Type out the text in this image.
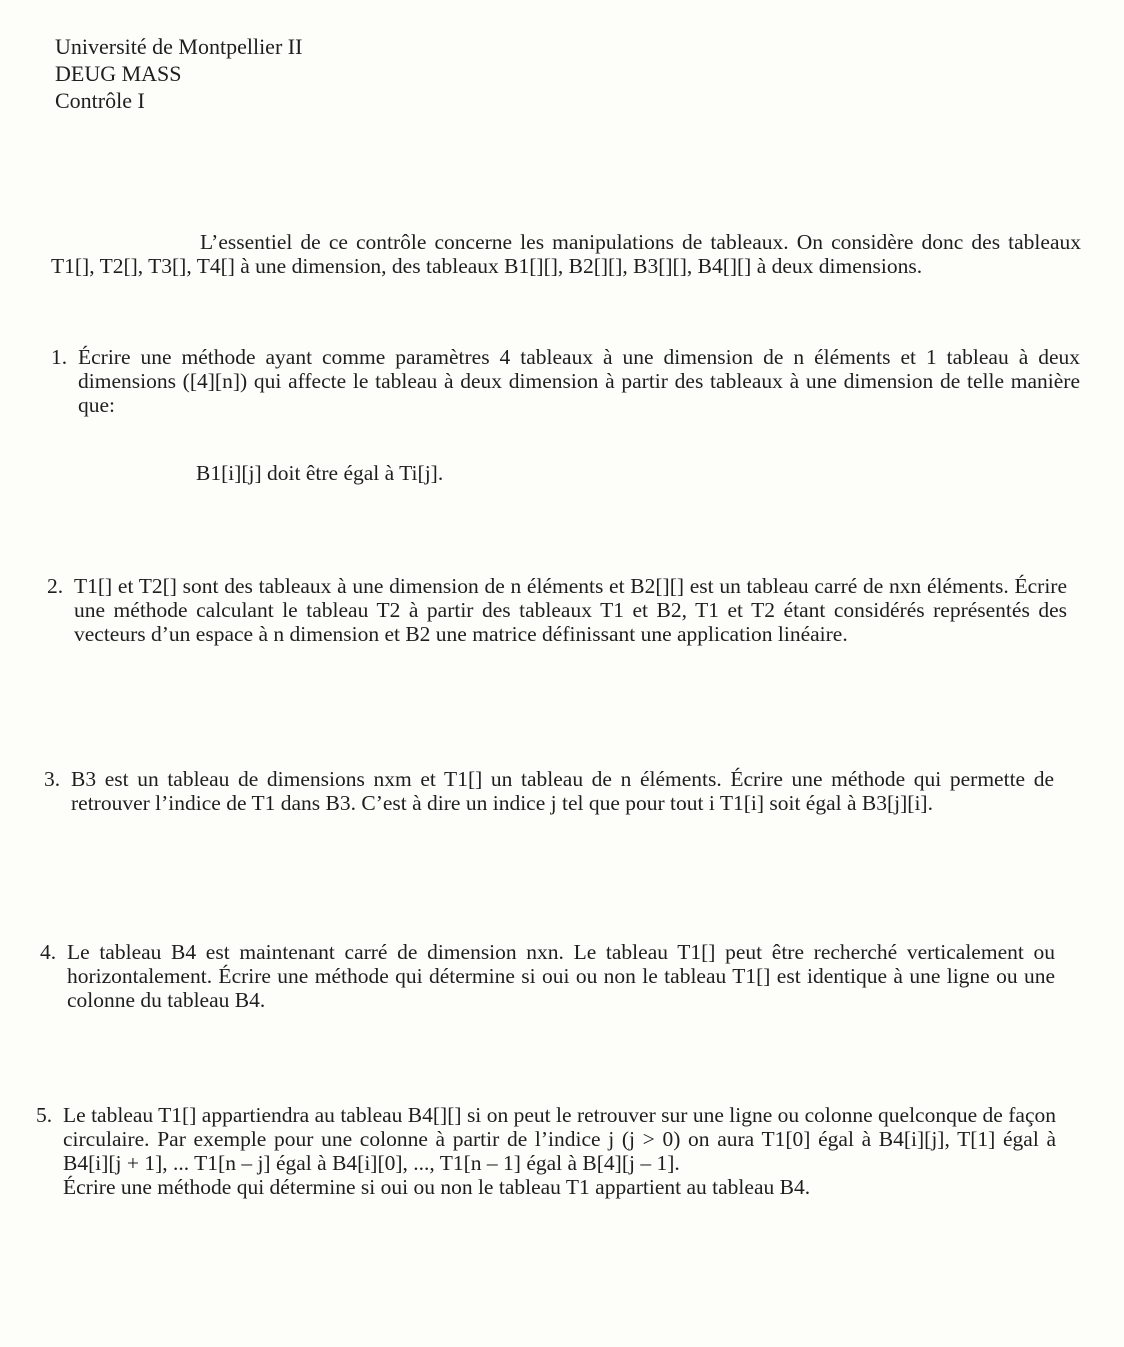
Université de Montpellier II
DEUG MASS
Contrôle I
L’essentiel de ce contrôle concerne les manipulations de tableaux. On considère donc des tableaux T1[], T2[], T3[], T4[] à une dimension, des tableaux B1[][], B2[][], B3[][], B4[][] à deux dimensions.
1. Écrire une méthode ayant comme paramètres 4 tableaux à une dimension de n éléments et 1 tableau à deux dimensions ([4][n]) qui affecte le tableau à deux dimension à partir des tableaux à une dimension de telle manière que:
B1[i][j] doit être égal à Ti[j].
2. T1[] et T2[] sont des tableaux à une dimension de n éléments et B2[][] est un tableau carré de nxn éléments. Écrire une méthode calculant le tableau T2 à partir des tableaux T1 et B2, T1 et T2 étant considérés représentés des vecteurs d’un espace à n dimension et B2 une matrice définissant une application linéaire.
3. B3 est un tableau de dimensions nxm et T1[] un tableau de n éléments. Écrire une méthode qui permette de retrouver l’indice de T1 dans B3. C’est à dire un indice j tel que pour tout i T1[i] soit égal à B3[j][i].
4. Le tableau B4 est maintenant carré de dimension nxn. Le tableau T1[] peut être recherché verticalement ou horizontalement. Écrire une méthode qui détermine si oui ou non le tableau T1[] est identique à une ligne ou une colonne du tableau B4.
5. Le tableau T1[] appartiendra au tableau B4[][] si on peut le retrouver sur une ligne ou colonne quelconque de façon circulaire. Par exemple pour une colonne à partir de l’indice j (j > 0) on aura T1[0] égal à B4[i][j], T[1] égal à B4[i][j + 1], ... T1[n – j] égal à B4[i][0], ..., T1[n – 1] égal à B[4][j – 1].
Écrire une méthode qui détermine si oui ou non le tableau T1 appartient au tableau B4.
